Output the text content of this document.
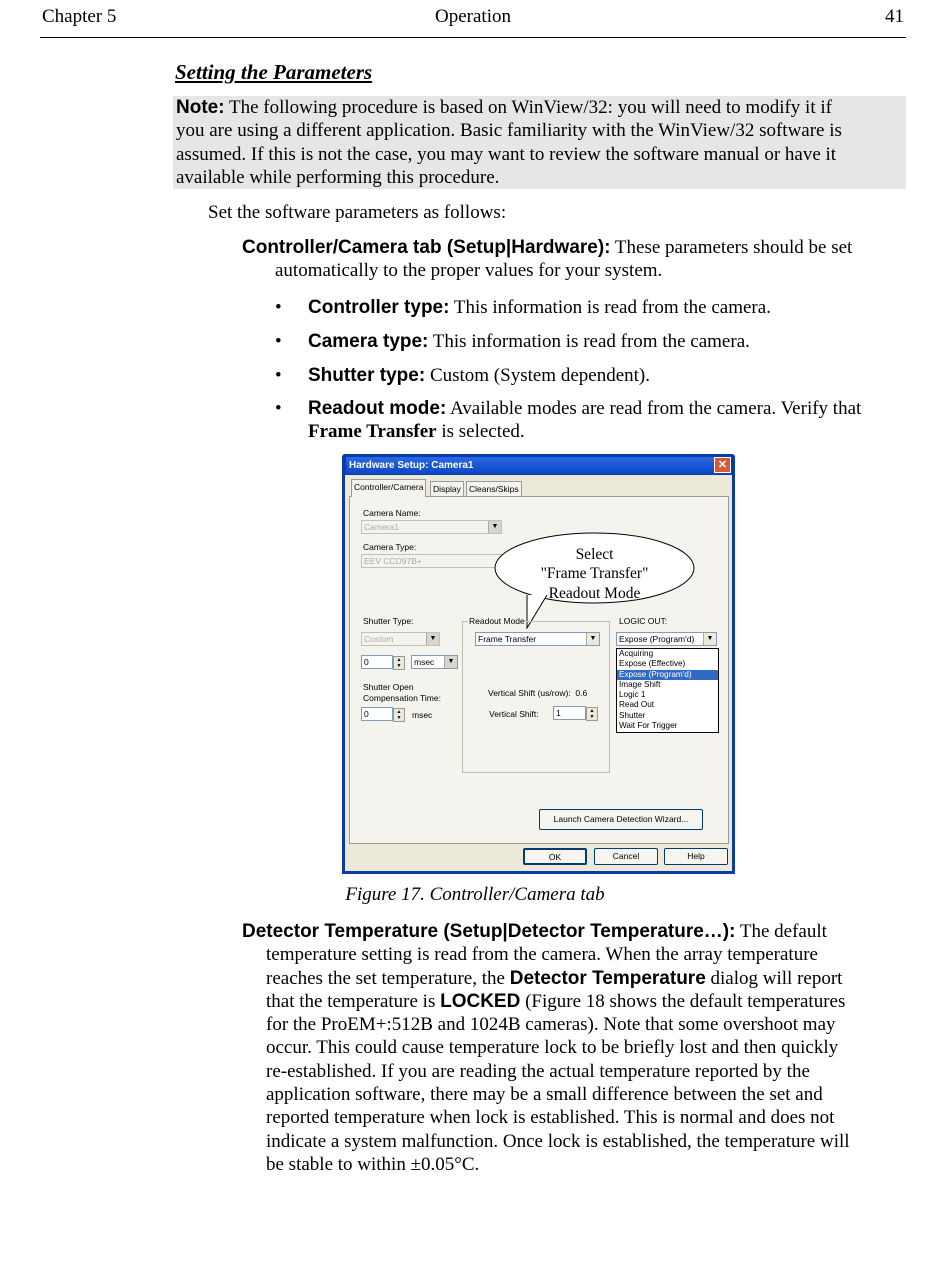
Chapter 5	Operation	41
Setting the Parameters
Note: The following procedure is based on WinView/32: you will need to modify it if
you are using a different application. Basic familiarity with the WinView/32 software is
assumed. If this is not the case, you may want to review the software manual or have it
available while performing this procedure.
Set the software parameters as follows:
Controller/Camera tab (Setup|Hardware): These parameters should be set
automatically to the proper values for your system.
• Controller type: This information is read from the camera.
• Camera type: This information is read from the camera.
• Shutter type: Custom (System dependent).
• Readout mode: Available modes are read from the camera. Verify that
Frame Transfer is selected.
Hardware Setup: Camera1	✕
Controller/Camera	Display Cleans/Skips
Camera Name:
Camera1	▼
Camera Type:
EEV CCD97B+	Select
"Frame Transfer"
Readout Mode
Shutter Type:
Custom	▼
0	▲
▼	msec	▼
Shutter Open
Compensation Time:
0	▲
▼	msec
Readout Mode
Frame Transfer	▼
Vertical Shift (us/row): 0.6
Vertical Shift:	1	▲
▼
LOGIC OUT:
Expose (Program'd)	▼
Acquiring
Expose (Effective)
Expose (Program'd)
Image Shift
Logic 1
Read Out
Shutter
Wait For Trigger
Launch Camera Detection Wizard...
OK	Cancel	Help
Figure 17. Controller/Camera tab
Detector Temperature (Setup|Detector Temperature…): The default

temperature setting is read from the camera. When the array temperature
reaches the set temperature, the Detector Temperature dialog will report
that the temperature is LOCKED (Figure 18 shows the default temperatures
for the ProEM+:512B and 1024B cameras). Note that some overshoot may
occur. This could cause temperature lock to be briefly lost and then quickly
re-established. If you are reading the actual temperature reported by the
application software, there may be a small difference between the set and
reported temperature when lock is established. This is normal and does not
indicate a system malfunction. Once lock is established, the temperature will
be stable to within ±0.05°C.
